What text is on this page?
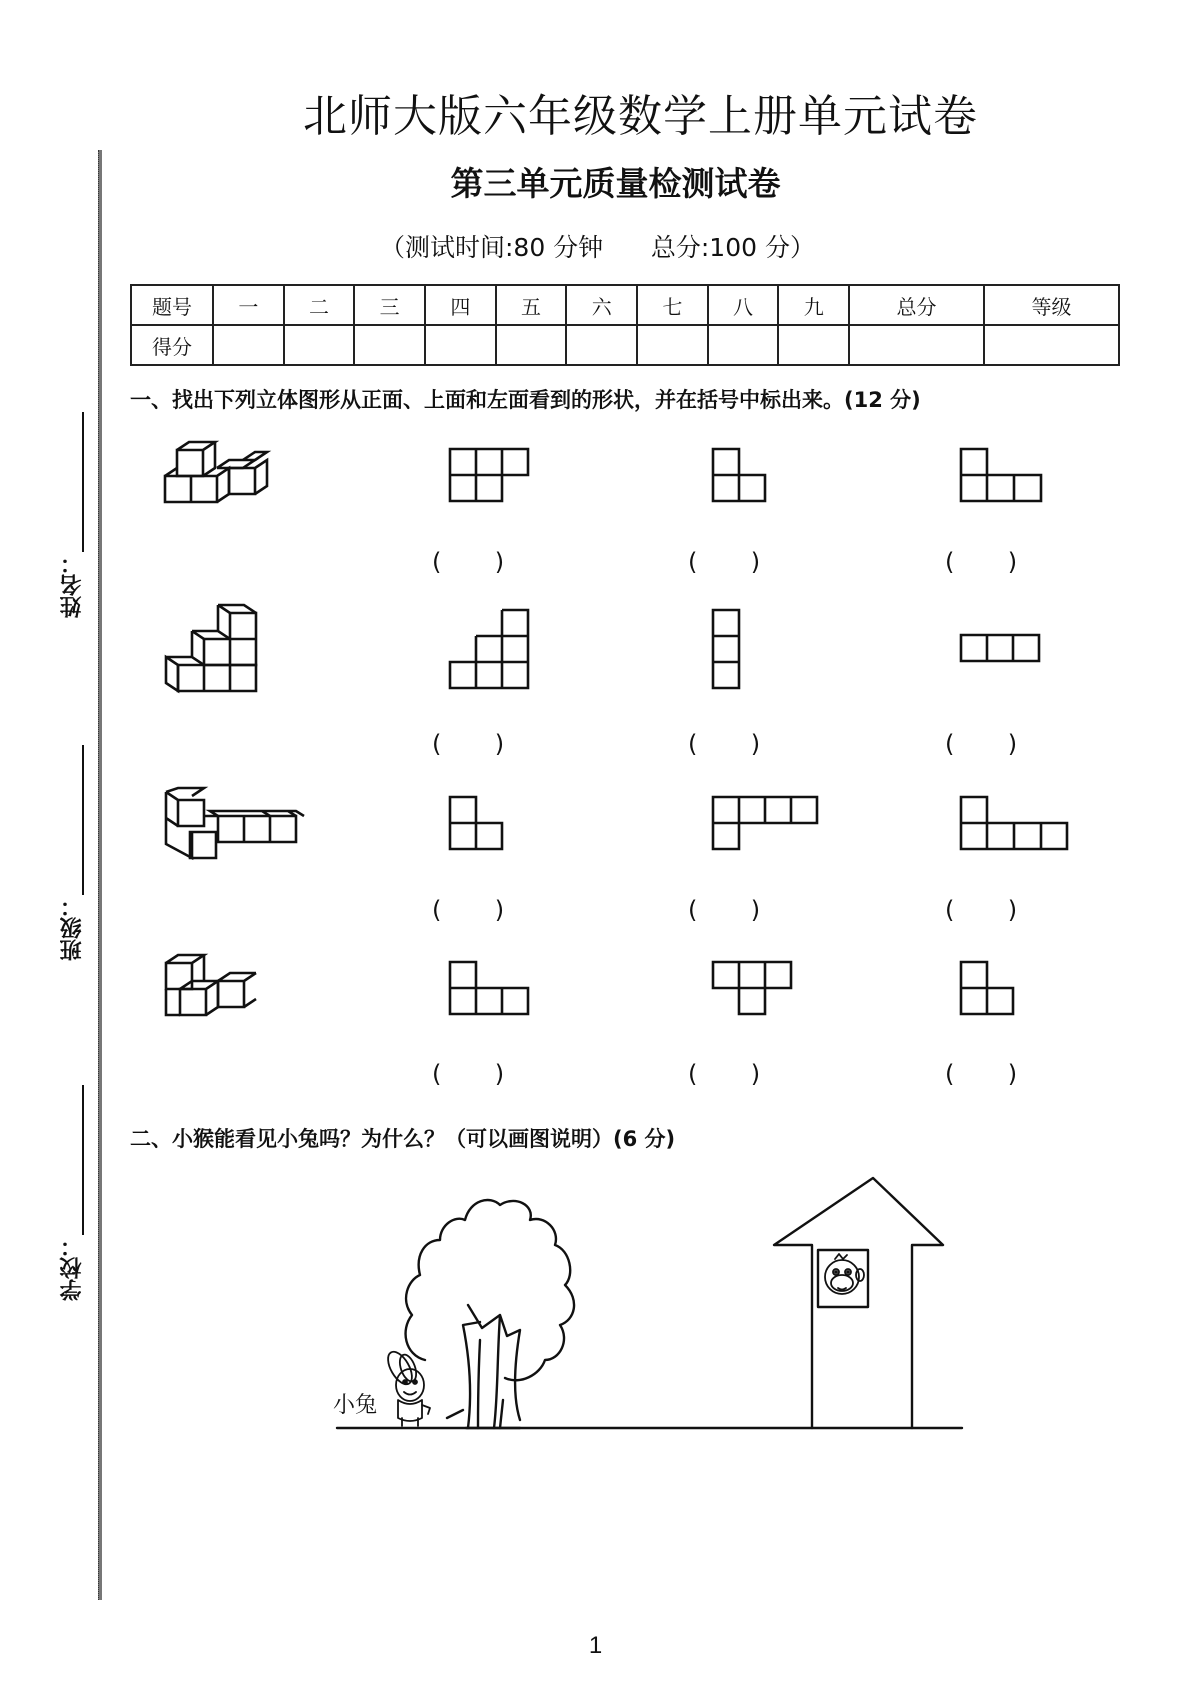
北师大版六年级数学上册单元试卷
第三单元质量检测试卷
（测试时间:80 分钟      总分:100 分）
姓名：
班级：
学校：
题号	一	二	三	四	五	六	七	八	九	总分	等级
得分											
一、找出下列立体图形从正面、上面和左面看到的形状，并在括号中标出来。(12 分)
(       )	(       )	(       )
(       )	(       )	(       )
(       )	(       )	(       )
(       )	(       )	(       )
二、小猴能看见小兔吗？为什么？（可以画图说明）(6 分)
小兔
1
